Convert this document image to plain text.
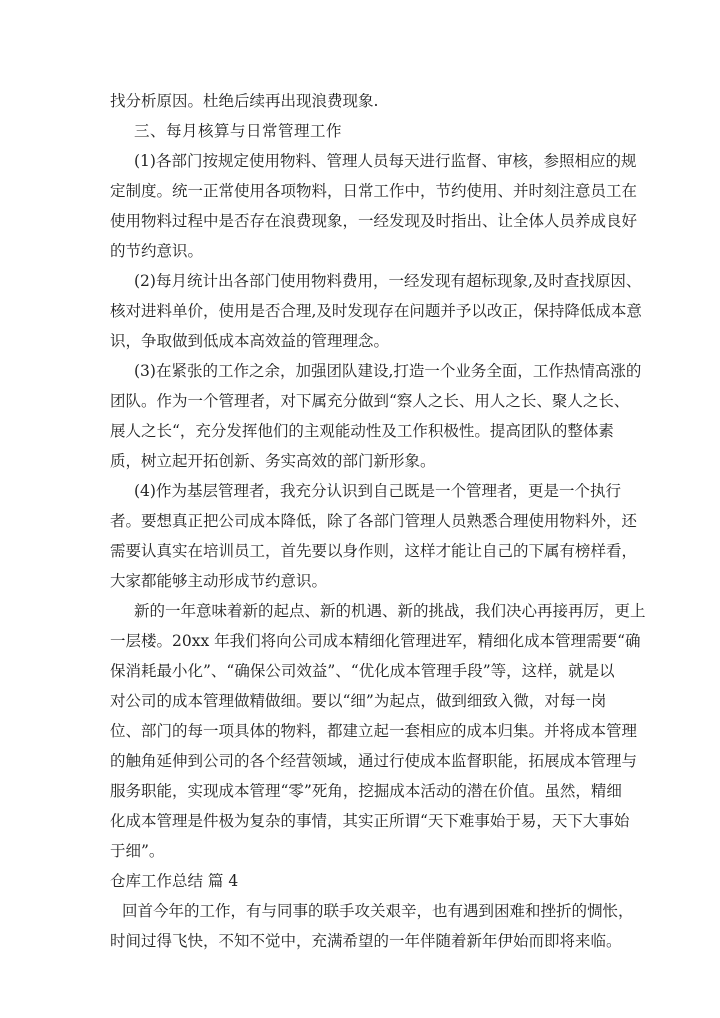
找分析原因。杜绝后续再出现浪费现象.
三、每月核算与日常管理工作
(1)各部门按规定使用物料、管理人员每天进行监督、审核，参照相应的规
定制度。统一正常使用各项物料，日常工作中，节约使用、并时刻注意员工在
使用物料过程中是否存在浪费现象，一经发现及时指出、让全体人员养成良好
的节约意识。
(2)每月统计出各部门使用物料费用，一经发现有超标现象,及时查找原因、
核对进料单价，使用是否合理,及时发现存在问题并予以改正，保持降低成本意
识，争取做到低成本高效益的管理理念。
(3)在紧张的工作之余，加强团队建设,打造一个业务全面，工作热情高涨的
团队。作为一个管理者，对下属充分做到“察人之长、用人之长、聚人之长、
展人之长“，充分发挥他们的主观能动性及工作积极性。提高团队的整体素
质，树立起开拓创新、务实高效的部门新形象。
(4)作为基层管理者，我充分认识到自己既是一个管理者，更是一个执行
者。要想真正把公司成本降低，除了各部门管理人员熟悉合理使用物料外，还
需要认真实在培训员工，首先要以身作则，这样才能让自己的下属有榜样看，
大家都能够主动形成节约意识。
新的一年意味着新的起点、新的机遇、新的挑战，我们决心再接再厉，更上
一层楼。20xx 年我们将向公司成本精细化管理进军，精细化成本管理需要“确
保消耗最小化”、“确保公司效益”、“优化成本管理手段”等，这样，就是以
对公司的成本管理做精做细。要以“细”为起点，做到细致入微，对每一岗
位、部门的每一项具体的物料，都建立起一套相应的成本归集。并将成本管理
的触角延伸到公司的各个经营领域，通过行使成本监督职能，拓展成本管理与
服务职能，实现成本管理“零”死角，挖掘成本活动的潜在价值。虽然，精细
化成本管理是件极为复杂的事情，其实正所谓“天下难事始于易，天下大事始
于细”。
仓库工作总结 篇 4
回首今年的工作，有与同事的联手攻关艰辛，也有遇到困难和挫折的惆怅，
时间过得飞快，不知不觉中，充满希望的一年伴随着新年伊始而即将来临。
